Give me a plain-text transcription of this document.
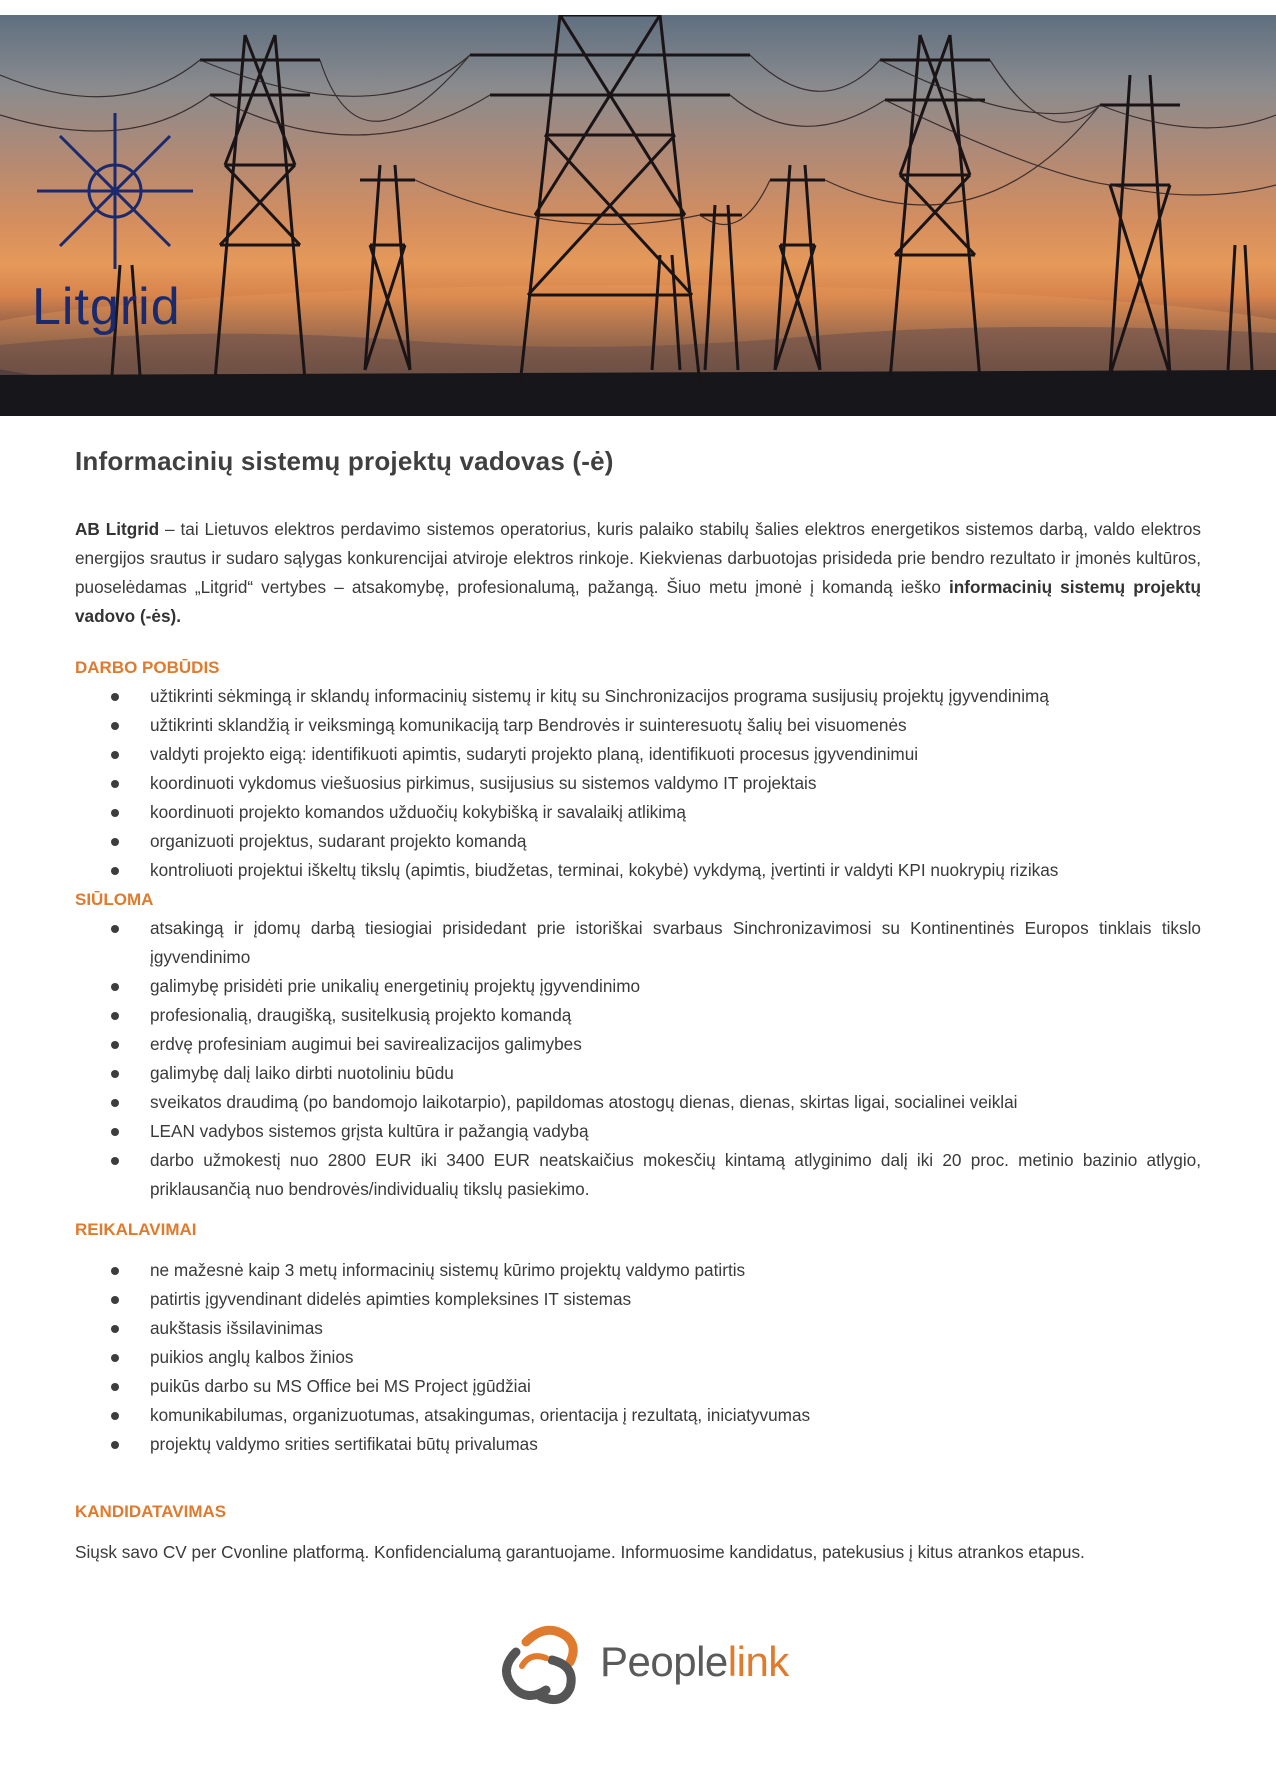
Litgrid
Informacinių sistemų projektų vadovas (-ė)

AB Litgrid – tai Lietuvos elektros perdavimo sistemos operatorius, kuris palaiko stabilų šalies elektros energetikos sistemos darbą, valdo elektros energijos srautus ir sudaro sąlygas konkurencijai atviroje elektros rinkoje. Kiekvienas darbuotojas prisideda prie bendro rezultato ir įmonės kultūros, puoselėdamas „Litgrid“ vertybes – atsakomybę, profesionalumą, pažangą. Šiuo metu įmonė į komandą ieško informacinių sistemų projektų vadovo (-ės).

DARBO POBŪDIS
užtikrinti sėkmingą ir sklandų informacinių sistemų ir kitų su Sinchronizacijos programa susijusių projektų įgyvendinimą
užtikrinti sklandžią ir veiksmingą komunikaciją tarp Bendrovės ir suinteresuotų šalių bei visuomenės
valdyti projekto eigą: identifikuoti apimtis, sudaryti projekto planą, identifikuoti procesus įgyvendinimui
koordinuoti vykdomus viešuosius pirkimus, susijusius su sistemos valdymo IT projektais
koordinuoti projekto komandos užduočių kokybišką ir savalaikį atlikimą
organizuoti projektus, sudarant projekto komandą
kontroliuoti projektui iškeltų tikslų (apimtis, biudžetas, terminai, kokybė) vykdymą, įvertinti ir valdyti KPI nuokrypių rizikas
SIŪLOMA
atsakingą ir įdomų darbą tiesiogiai prisidedant prie istoriškai svarbaus Sinchronizavimosi su Kontinentinės Europos tinklais tikslo įgyvendinimo
galimybę prisidėti prie unikalių energetinių projektų įgyvendinimo
profesionalią, draugišką, susitelkusią projekto komandą
erdvę profesiniam augimui bei savirealizacijos galimybes
galimybę dalį laiko dirbti nuotoliniu būdu
sveikatos draudimą (po bandomojo laikotarpio), papildomas atostogų dienas, dienas, skirtas ligai, socialinei veiklai
LEAN vadybos sistemos grįsta kultūra ir pažangią vadybą
darbo užmokestį nuo 2800 EUR iki 3400 EUR neatskaičius mokesčių kintamą atlyginimo dalį iki 20 proc. metinio bazinio atlygio, priklausančią nuo bendrovės/individualių tikslų pasiekimo.
REIKALAVIMAI
ne mažesnė kaip 3 metų informacinių sistemų kūrimo projektų valdymo patirtis
patirtis įgyvendinant didelės apimties kompleksines IT sistemas
aukštasis išsilavinimas
puikios anglų kalbos žinios
puikūs darbo su MS Office bei MS Project įgūdžiai
komunikabilumas, organizuotumas, atsakingumas, orientacija į rezultatą, iniciatyvumas
projektų valdymo srities sertifikatai būtų privalumas
KANDIDATAVIMAS

Siųsk savo CV per Cvonline platformą. Konfidencialumą garantuojame. Informuosime kandidatus, patekusius į kitus atrankos etapus.

Peoplelink
